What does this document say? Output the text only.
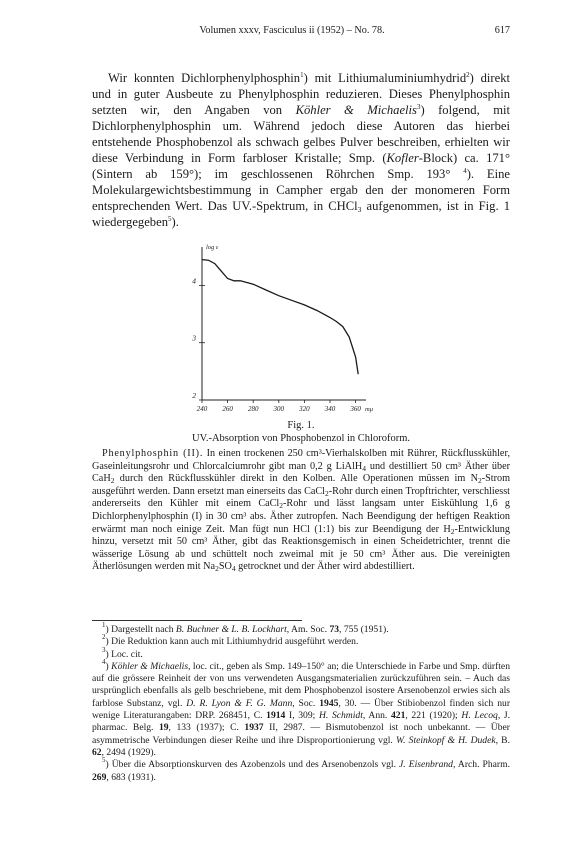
Volumen xxxv, Fasciculus ii (1952) – No. 78.	617

Wir konnten Dichlorphenylphosphin$^1$) mit Lithiumaluminiumhydrid$^2$) direkt und in guter Ausbeute zu Phenylphosphin reduzieren. Dieses Phenylphosphin setzten wir, den Angaben von Köhler & Michaelis$^3$) folgend, mit Dichlorphenylphosphin um. Während jedoch diese Autoren das hierbei entstehende Phosphobenzol als schwach gelbes Pulver beschreiben, erhielten wir diese Verbindung in Form farbloser Kristalle; Smp. (Kofler-Block) ca. 171° (Sintern ab 159°); im geschlossenen Röhrchen Smp. 193° $^4$). Eine Molekulargewichtsbestimmung in Campher ergab den der monomeren Form entsprechenden Wert. Das UV.-Spektrum, in CHCl$_3$ aufgenommen, ist in Fig. 1 wiedergegeben$^5$).

2
3
4
240 260 280 300 320 340 360
log ε
mμ
Fig. 1.
UV.-Absorption von Phosphobenzol in Chloroform.

Phenylphosphin (II). In einen trockenen 250 cm³-Vierhalskolben mit Rührer, Rückflusskühler, Gaseinleitungsrohr und Chlorcalciumrohr gibt man 0,2 g LiAlH$_4$ und destilliert 50 cm³ Äther über CaH$_2$ durch den Rückflusskühler direkt in den Kolben. Alle Operationen müssen im $N_2$-Strom ausgeführt werden. Dann ersetzt man einerseits das CaCl$_2$-Rohr durch einen Tropftrichter, verschliesst andererseits den Kühler mit einem CaCl$_2$-Rohr und lässt langsam unter Eiskühlung 1,6 g Dichlorphenylphosphin (I) in 30 cm³ abs. Äther zutropfen. Nach Beendigung der heftigen Reaktion erwärmt man noch einige Zeit. Man fügt nun HCl (1:1) bis zur Beendigung der $H_2$-Entwicklung hinzu, versetzt mit 50 cm³ Äther, gibt das Reaktionsgemisch in einen Scheidetrichter, trennt die wässerige Lösung ab und schüttelt noch zweimal mit je 50 cm³ Äther aus. Die vereinigten Ätherlösungen werden mit $Na_2SO_4$ getrocknet und der Äther wird abdestilliert.

$^1$) Dargestellt nach B. Buchner & L. B. Lockhart, Am. Soc. 73, 755 (1951).
$^2$) Die Reduktion kann auch mit Lithiumhydrid ausgeführt werden.
$^3$) Loc. cit.
$^4$) Köhler & Michaelis, loc. cit., geben als Smp. 149–150° an; die Unterschiede in Farbe und Smp. dürften auf die grössere Reinheit der von uns verwendeten Ausgangsmaterialien zurückzuführen sein. – Auch das ursprünglich ebenfalls als gelb beschriebene, mit dem Phosphobenzol isostere Arsenobenzol erwies sich als farblose Substanz, vgl. D. R. Lyon & F. G. Mann, Soc. 1945, 30. — Über Stibiobenzol finden sich nur wenige Literaturangaben: DRP. 268451, C. 1914 I, 309; H. Schmidt, Ann. 421, 221 (1920); H. Lecoq, J. pharmac. Belg. 19, 133 (1937); C. 1937 II, 2987. — Bismutobenzol ist noch unbekannt. — Über asymmetrische Verbindungen dieser Reihe und ihre Disproportionierung vgl. W. Steinkopf & H. Dudek, B. 62, 2494 (1929).
$^5$) Über die Absorptionskurven des Azobenzols und des Arsenobenzols vgl. J. Eisenbrand, Arch. Pharm. 269, 683 (1931).
